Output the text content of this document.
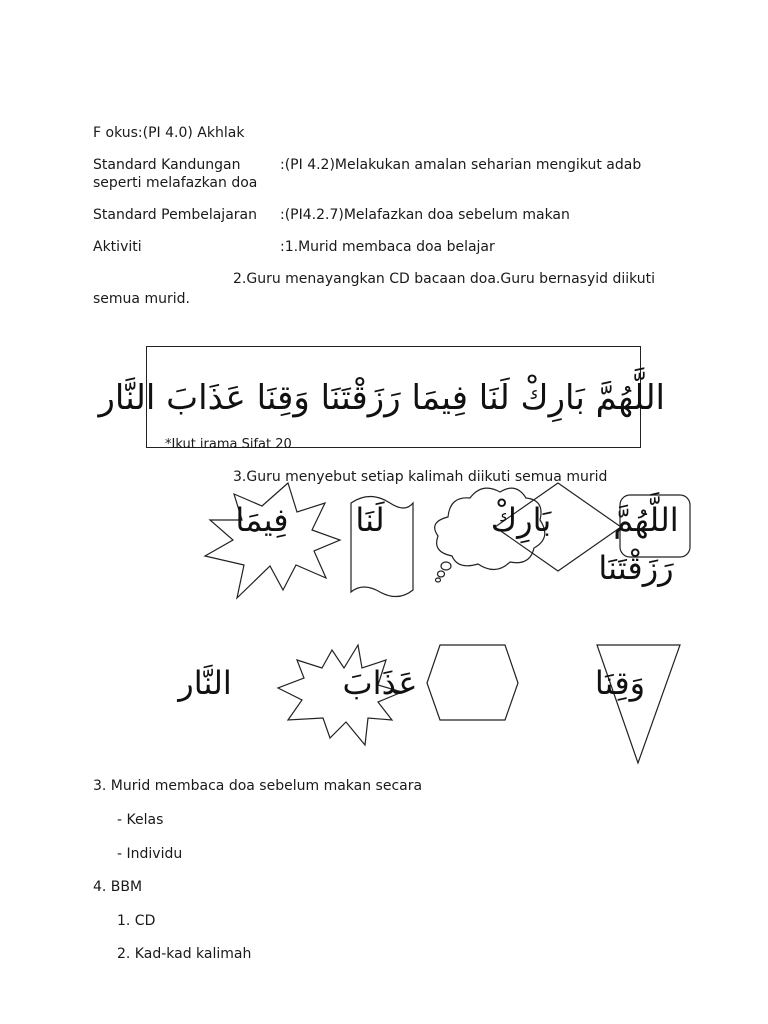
F okus:(PI 4.0) Akhlak
Standard Kandungan	:(PI 4.2)Melakukan amalan seharian mengikut adab
seperti melafazkan doa
Standard Pembelajaran :(PI4.2.7)Melafazkan doa sebelum makan
Aktiviti	:1.Murid membaca doa belajar
2.Guru menayangkan CD bacaan doa.Guru bernasyid diikuti
semua murid.
اللَّهُمَّ بَارِكْ لَنَا فِيمَا رَزَقْتَنَا وَقِنَا عَذَابَ النَّار
*Ikut irama Sifat 20
3.Guru menyebut setiap kalimah diikuti semua murid
اللَّهُمَّ
بَارِكْ
لَنَا
فِيمَا
رَزَقْتَنَا
وَقِنَا
عَذَابَ
النَّار
3. Murid membaca doa sebelum makan secara
- Kelas
- Individu
4. BBM
1. CD
2. Kad-kad kalimah
